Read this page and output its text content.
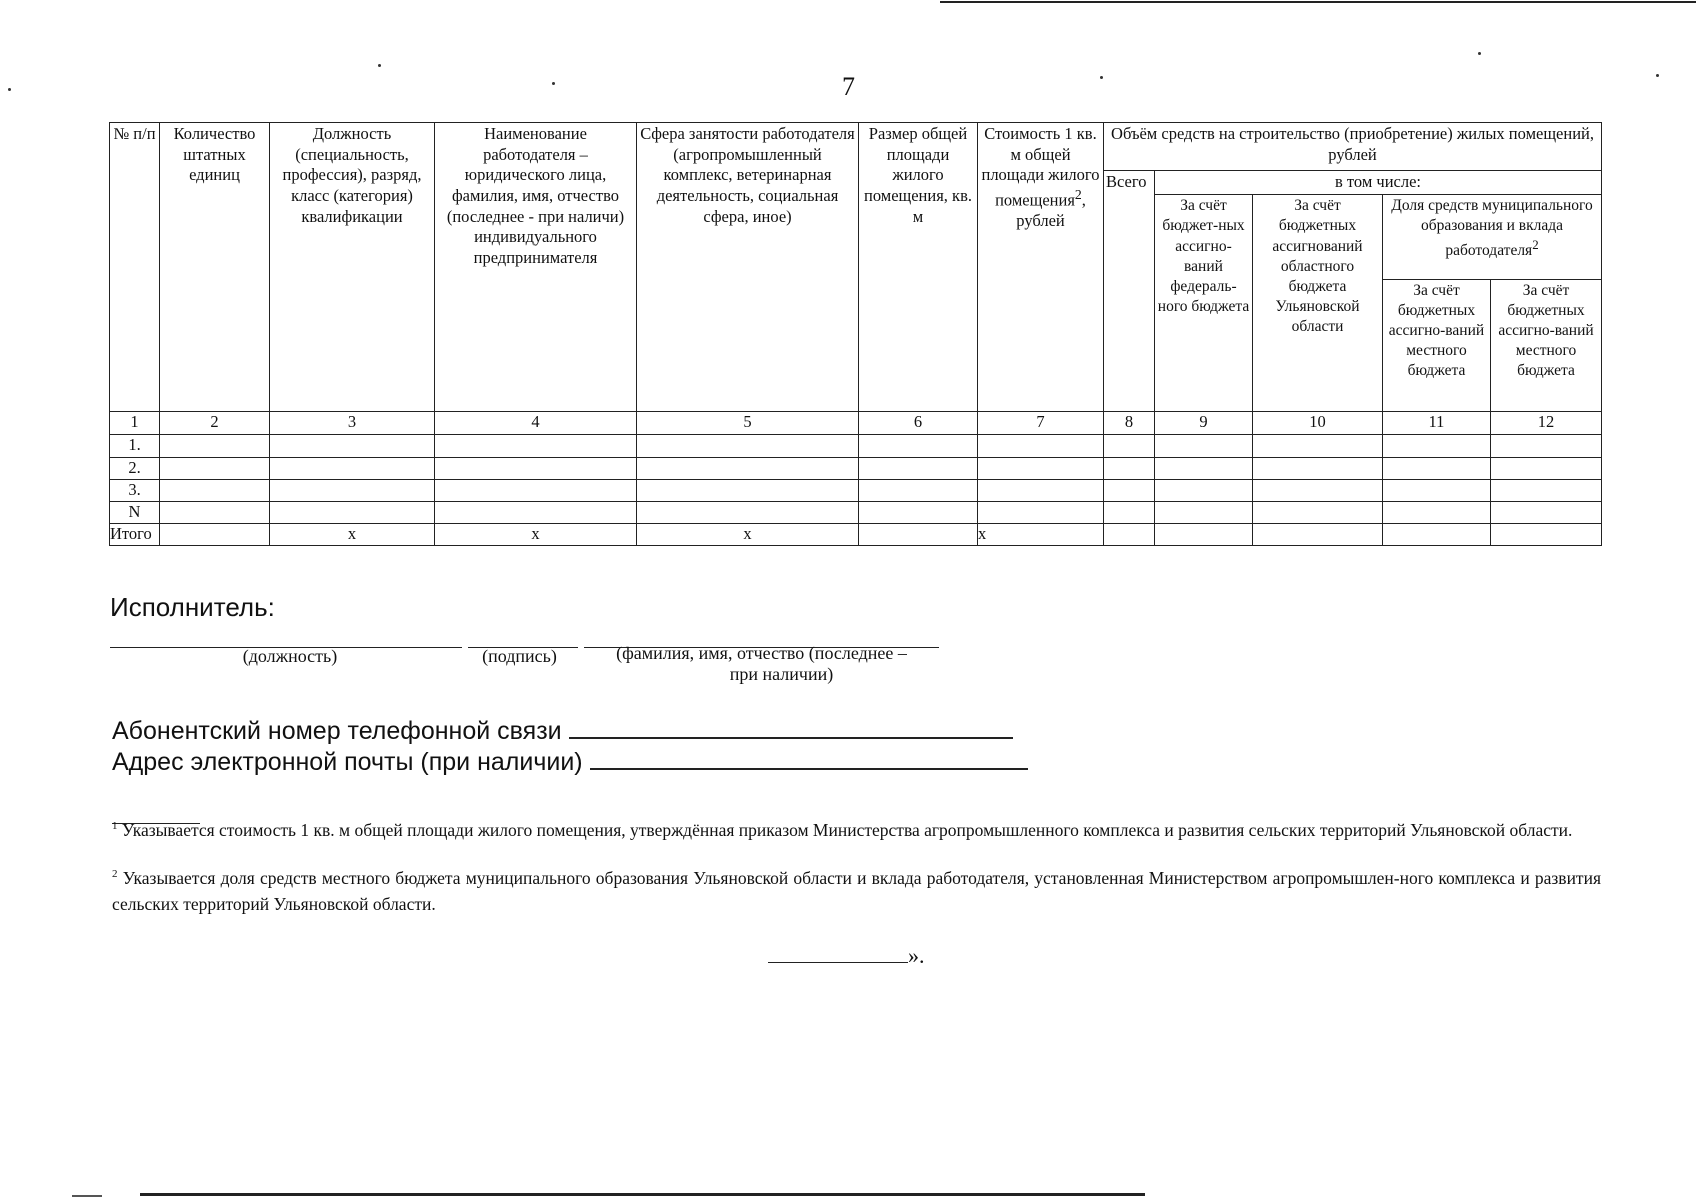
7
№ п/п	Количество штатных единиц	Должность (специальность, профессия), разряд, класс (категория) квалификации	Наименование работодателя – юридического лица, фамилия, имя, отчество (последнее - при наличи) индивидуального предпринимателя	Сфера занятости работодателя (агропромышленный комплекс, ветеринарная деятельность, социальная сфера, иное)	Размер общей площади жилого помещения, кв. м	Стоимость 1 кв. м общей площади жилого помещения$^2$, рублей	Объём средств на строительство (приобретение) жилых помещений, рублей				
							Всего	в том числе:			
								За счёт бюджет-ных ассигно-ваний федераль-ного бюджета	За счёт бюджетных ассигнований областного бюджета Ульяновской области	Доля средств муниципального образования и вклада работодателя$^2$
										За счёт бюджетных ассигно-ваний местного бюджета	За счёт бюджетных ассигно-ваний местного бюджета
1	2	3	4	5	6	7	8	9	10	11	12
1.											
2.											
3.											
N											
Итого		x	x	x		x					
Исполнитель:
(должность)	(подпись)	(фамилия, имя, отчество (последнее –
при наличии)
Абонентский номер телефонной связи
Адрес электронной почты (при наличии)
$^1$ Указывается стоимость 1 кв. м общей площади жилого помещения, утверждённая приказом Министерства агропромышленного комплекса и развития сельских территорий Ульяновской области.
$^2$ Указывается доля средств местного бюджета муниципального образования Ульяновской области и вклада работодателя, установленная Министерством агропромышлен-ного комплекса и развития сельских территорий Ульяновской области.
».
